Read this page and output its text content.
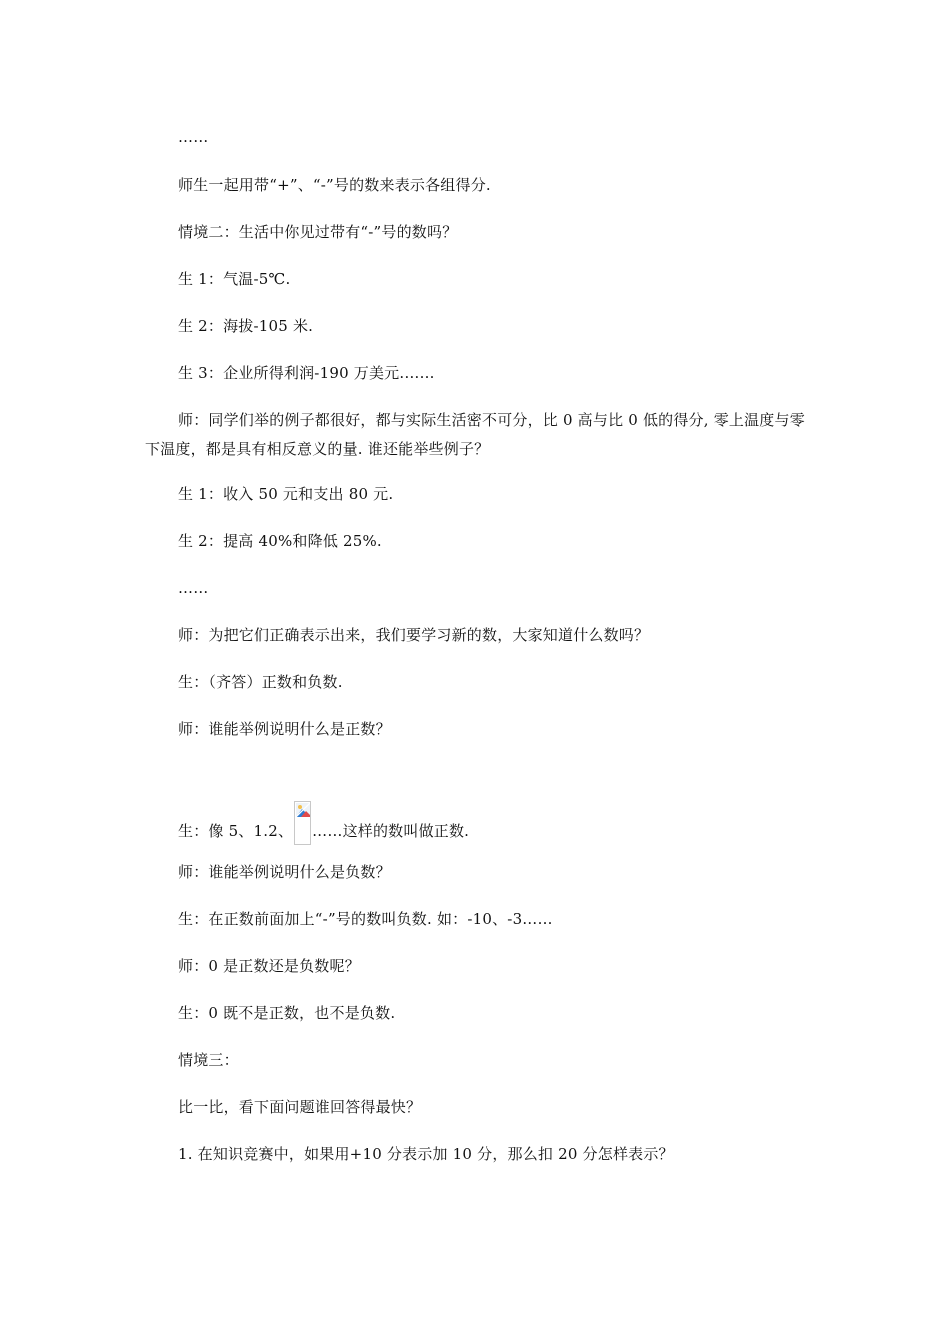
……
师生一起用带“+”、“-”号的数来表示各组得分.
情境二：生活中你见过带有“-”号的数吗？
生 1：气温-5℃.
生 2：海拔-105 米.
生 3：企业所得利润-190 万美元.……
师：同学们举的例子都很好，都与实际生活密不可分，比 0 高与比 0 低的得分, 零上温度与零下温度，都是具有相反意义的量. 谁还能举些例子？
生 1：收入 50 元和支出 80 元.
生 2：提高 40%和降低 25%.
……
师：为把它们正确表示出来，我们要学习新的数，大家知道什么数吗？
生：（齐答）正数和负数.
师：谁能举例说明什么是正数？
生：像 5、1.2、 ……这样的数叫做正数.
师：谁能举例说明什么是负数？
生：在正数前面加上“-”号的数叫负数. 如：-10、-3……
师：0 是正数还是负数呢？
生：0 既不是正数，也不是负数.
情境三：
比一比，看下面问题谁回答得最快？
1. 在知识竞赛中，如果用+10 分表示加 10 分，那么扣 20 分怎样表示？
